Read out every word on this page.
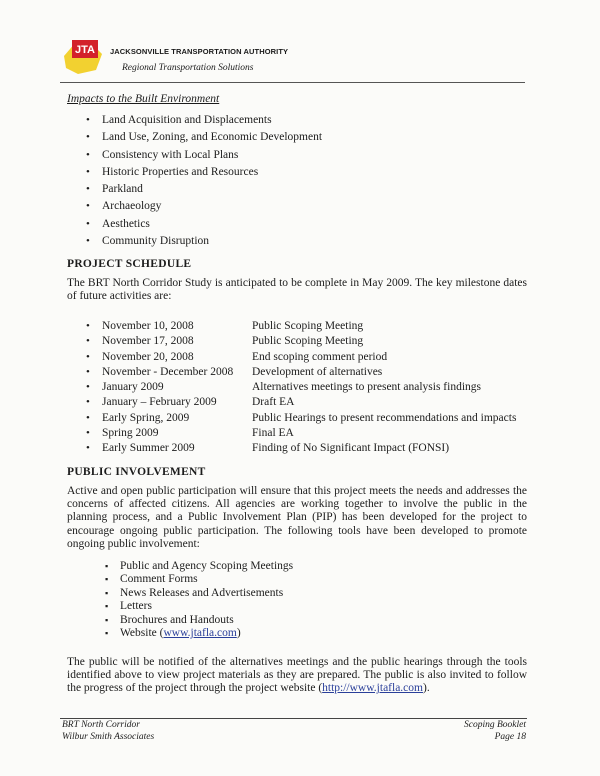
JTA JACKSONVILLE TRANSPORTATION AUTHORITY
Regional Transportation Solutions
Impacts to the Built Environment
• Land Acquisition and Displacements
• Land Use, Zoning, and Economic Development
• Consistency with Local Plans
• Historic Properties and Resources
• Parkland
• Archaeology
• Aesthetics
• Community Disruption
PROJECT SCHEDULE
The BRT North Corridor Study is anticipated to be complete in May 2009. The key milestone dates of future activities are:
• November 10, 2008	Public Scoping Meeting
• November 17, 2008	Public Scoping Meeting
• November 20, 2008	End scoping comment period
• November - December 2008 Development of alternatives
• January 2009	Alternatives meetings to present analysis findings
• January – February 2009	Draft EA
• Early Spring, 2009	Public Hearings to present recommendations and impacts
• Spring 2009	Final EA
• Early Summer 2009	Finding of No Significant Impact (FONSI)
PUBLIC INVOLVEMENT
Active and open public participation will ensure that this project meets the needs and addresses the concerns of affected citizens. All agencies are working together to involve the public in the planning process, and a Public Involvement Plan (PIP) has been developed for the project to encourage ongoing public participation. The following tools have been developed to promote ongoing public involvement:
▪ Public and Agency Scoping Meetings
▪ Comment Forms
▪ News Releases and Advertisements
▪ Letters
▪ Brochures and Handouts
▪ Website (www.jtafla.com)
The public will be notified of the alternatives meetings and the public hearings through the tools identified above to view project materials as they are prepared. The public is also invited to follow the progress of the project through the project website (http://www.jtafla.com).
BRT North Corridor
Wilbur Smith Associates
Scoping Booklet
Page 18
